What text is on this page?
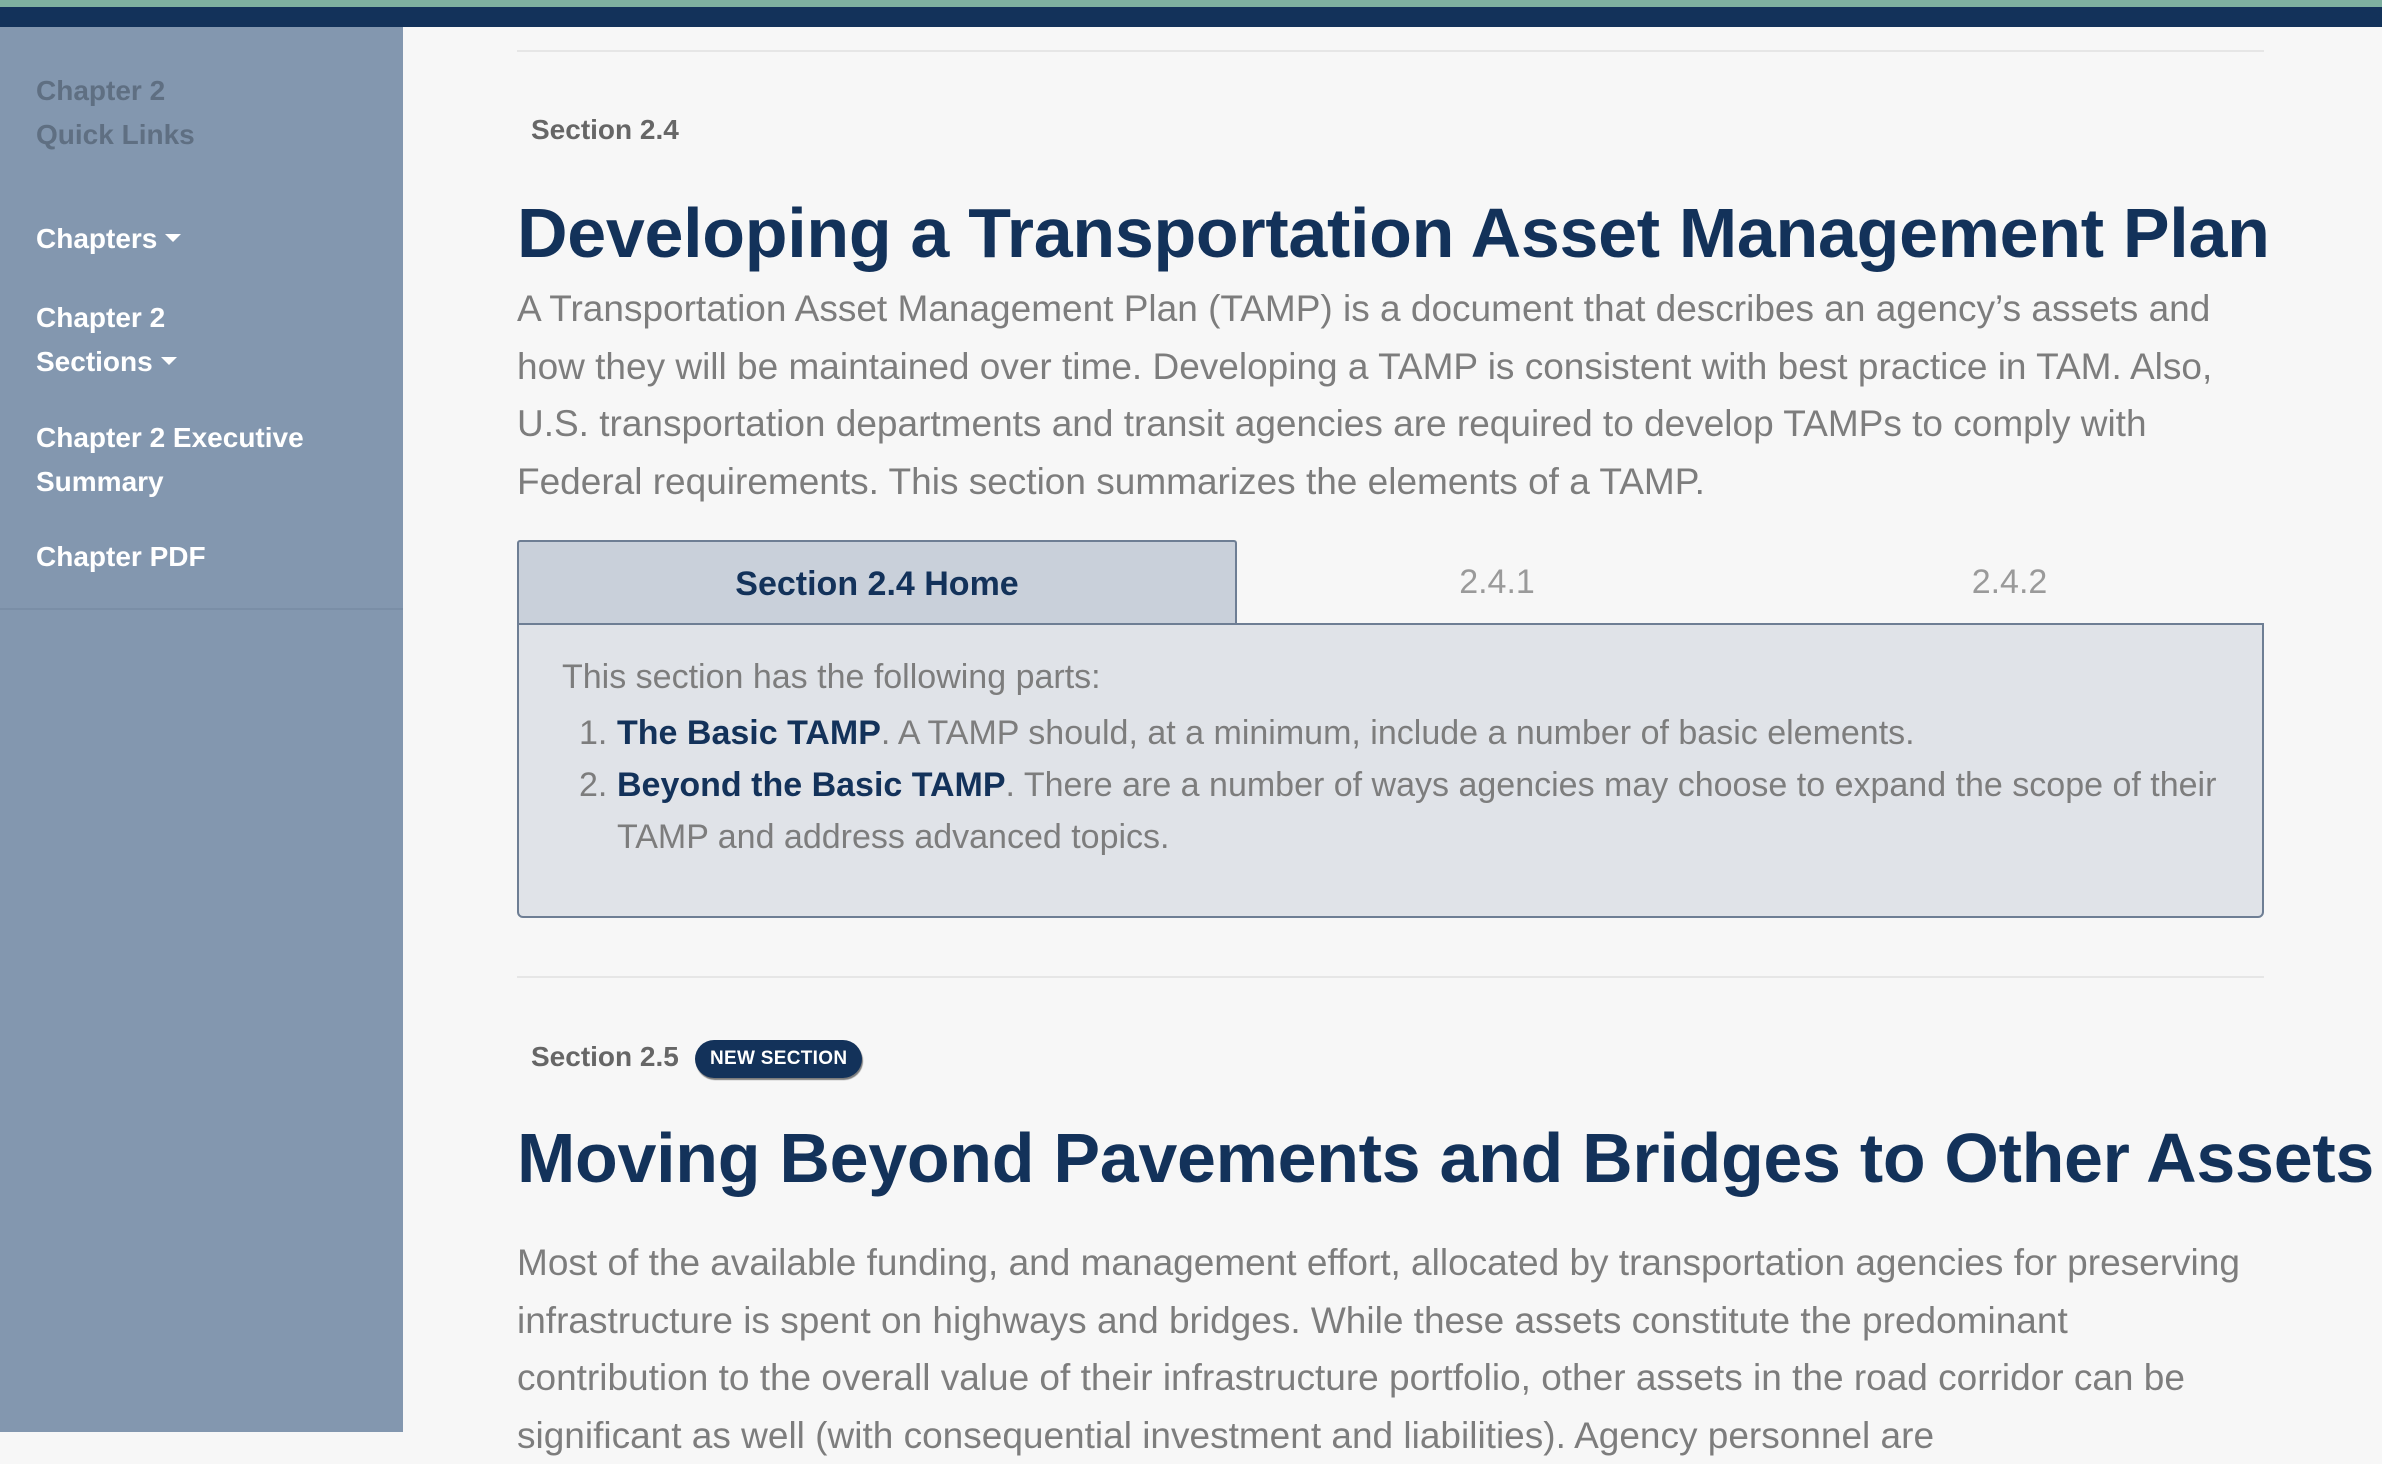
Chapter 2
Quick Links
Chapters
Chapter 2
Sections
Chapter 2 Executive
Summary
Chapter PDF
Section 2.4
Developing a Transportation Asset Management Plan
A Transportation Asset Management Plan (TAMP) is a document that describes an agency’s assets and how they will be maintained over time. Developing a TAMP is consistent with best practice in TAM. Also, U.S. transportation departments and transit agencies are required to develop TAMPs to comply with Federal requirements. This section summarizes the elements of a TAMP.
Section 2.4 Home	2.4.1	2.4.2
This section has the following parts:
1. The Basic TAMP. A TAMP should, at a minimum, include a number of basic elements.
2. Beyond the Basic TAMP. There are a number of ways agencies may choose to expand the scope of their TAMP and address advanced topics.
Section 2.5	NEW SECTION
Moving Beyond Pavements and Bridges to Other Assets
Most of the available funding, and management effort, allocated by transportation agencies for preserving infrastructure is spent on highways and bridges. While these assets constitute the predominant contribution to the overall value of their infrastructure portfolio, other assets in the road corridor can be significant as well (with consequential investment and liabilities). Agency personnel are
